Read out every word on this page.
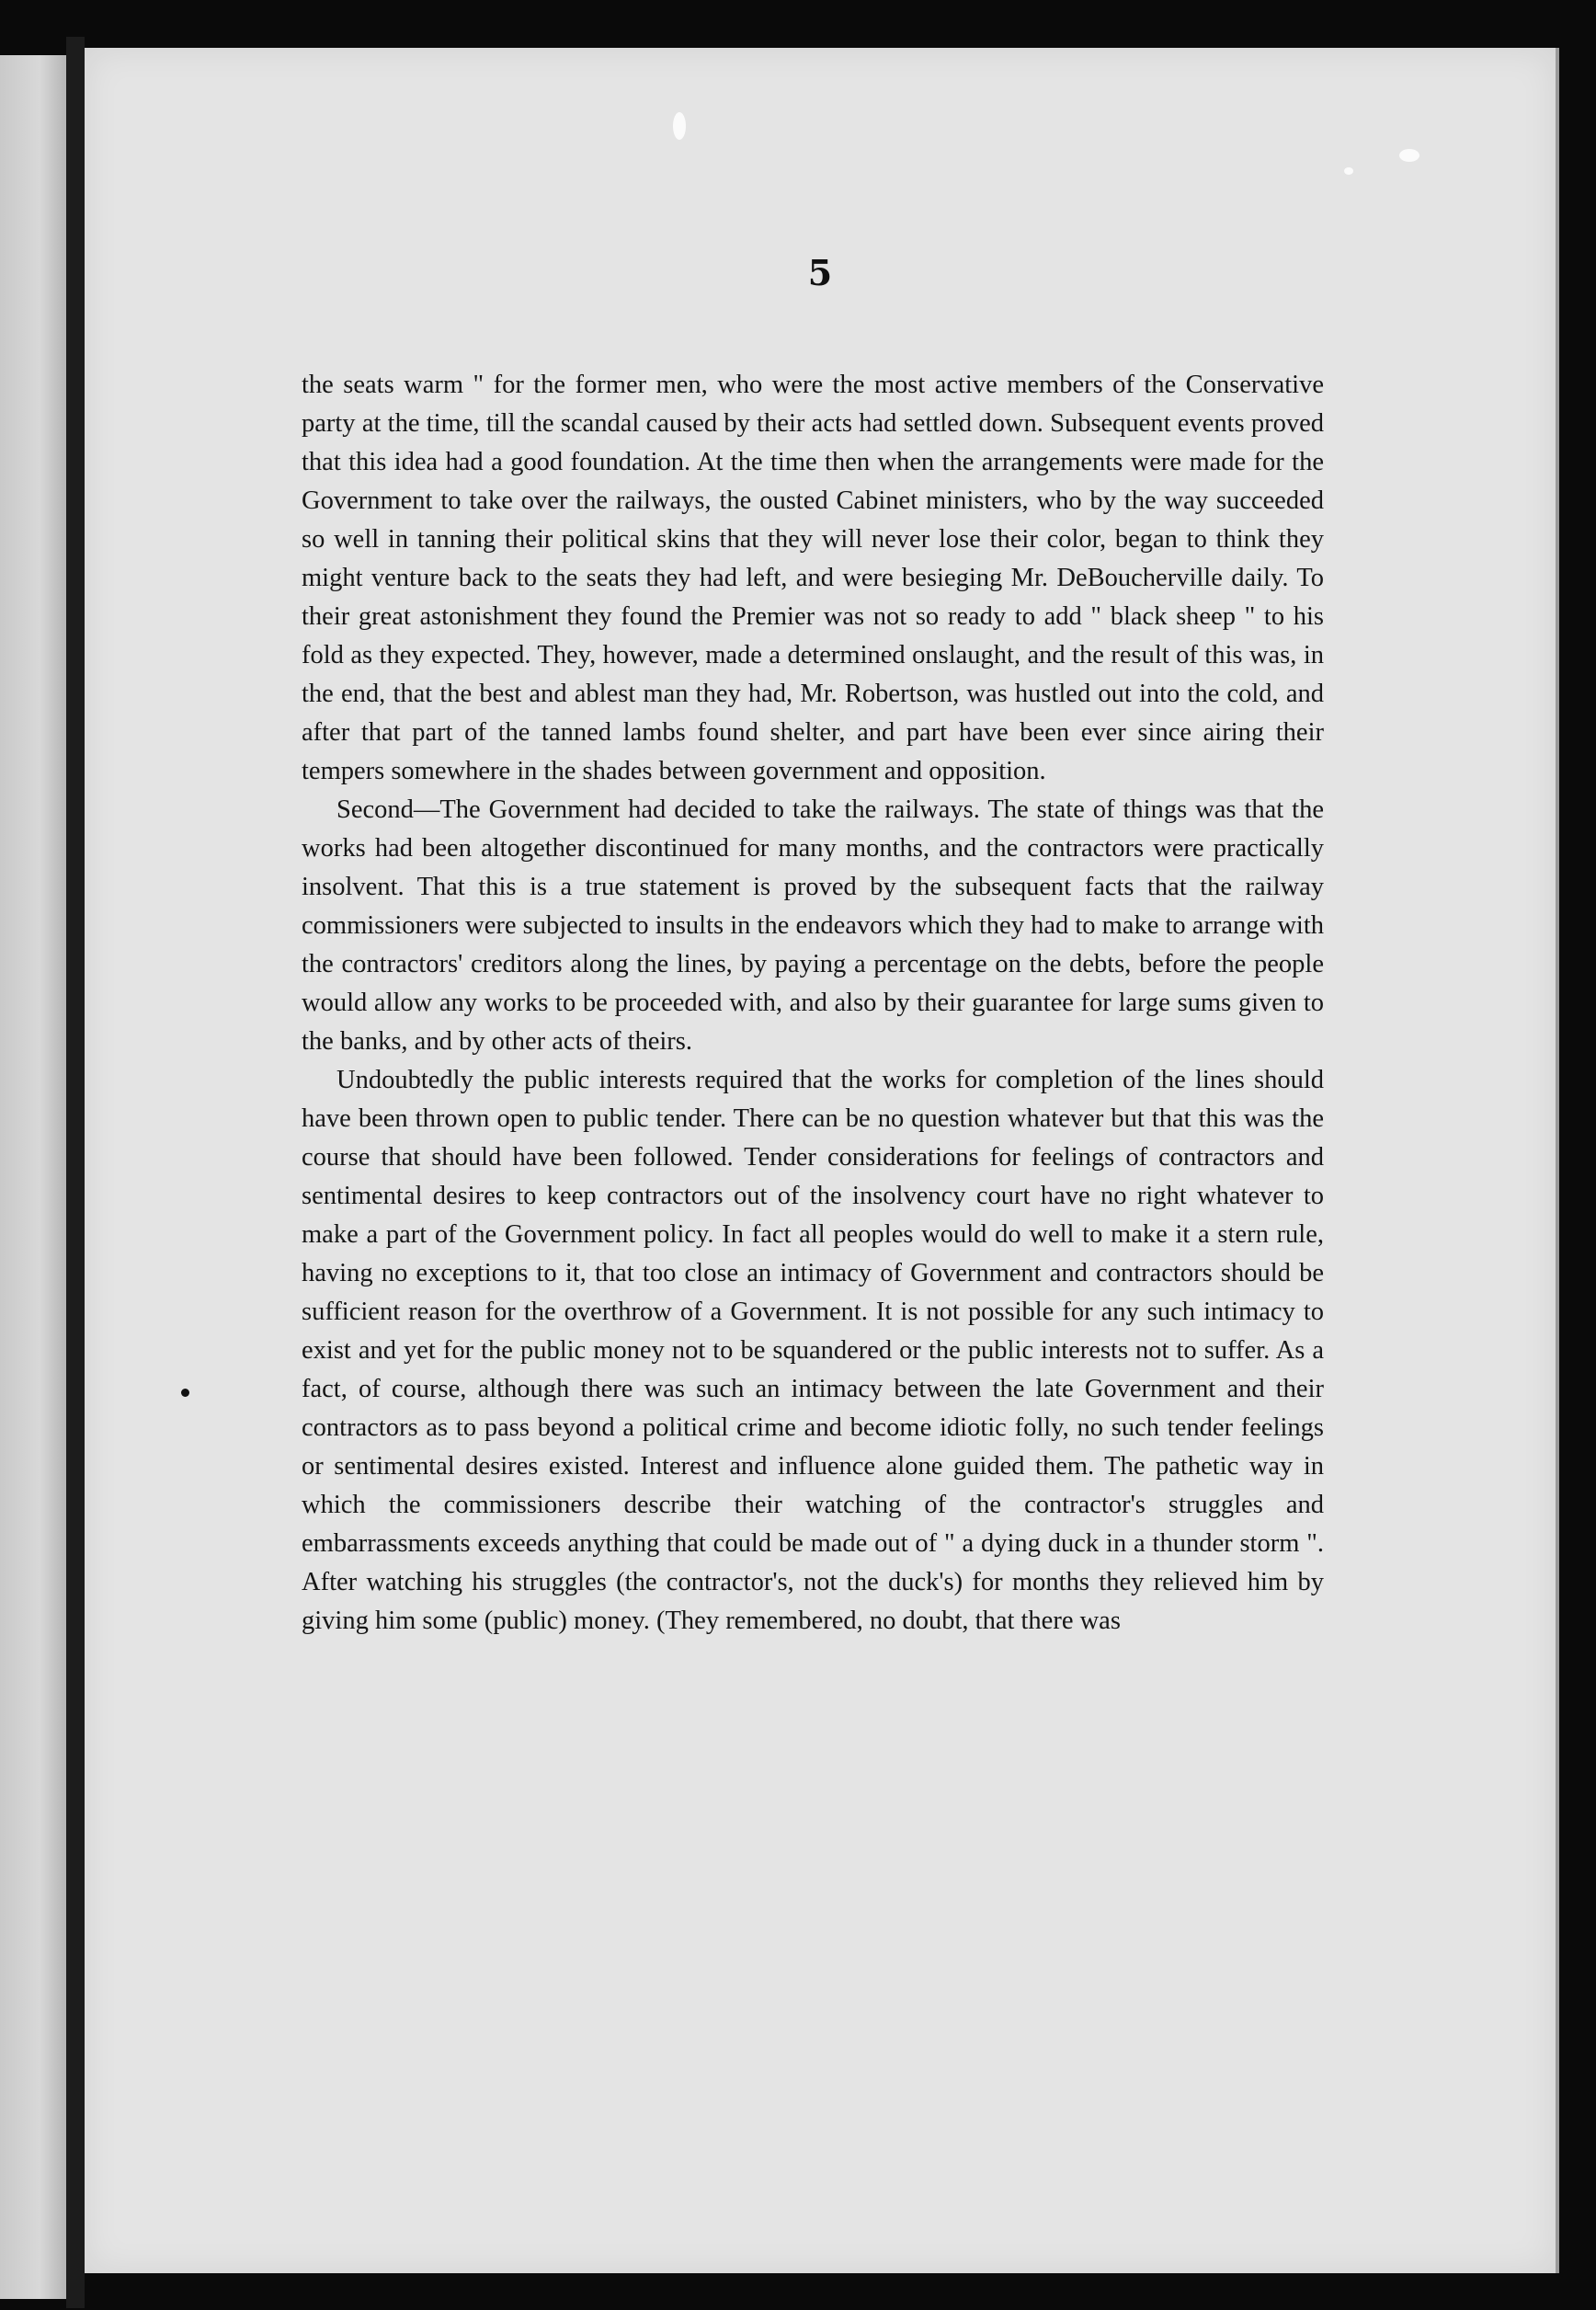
5

the seats warm " for the former men, who were the most active members of the Conservative party at the time, till the scandal caused by their acts had settled down. Subsequent events proved that this idea had a good foundation. At the time then when the arrangements were made for the Government to take over the railways, the ousted Cabinet ministers, who by the way succeeded so well in tanning their political skins that they will never lose their color, began to think they might venture back to the seats they had left, and were besieging Mr. DeBoucherville daily. To their great astonishment they found the Premier was not so ready to add " black sheep " to his fold as they expected. They, however, made a determined onslaught, and the result of this was, in the end, that the best and ablest man they had, Mr. Robertson, was hustled out into the cold, and after that part of the tanned lambs found shelter, and part have been ever since airing their tempers somewhere in the shades between government and opposition.

Second—The Government had decided to take the railways. The state of things was that the works had been altogether discontinued for many months, and the contractors were practically insolvent. That this is a true statement is proved by the subsequent facts that the railway commissioners were subjected to insults in the endeavors which they had to make to arrange with the contractors' creditors along the lines, by paying a percentage on the debts, before the people would allow any works to be proceeded with, and also by their guarantee for large sums given to the banks, and by other acts of theirs.

Undoubtedly the public interests required that the works for completion of the lines should have been thrown open to public tender. There can be no question whatever but that this was the course that should have been followed. Tender considerations for feelings of contractors and sentimental desires to keep contractors out of the insolvency court have no right whatever to make a part of the Government policy. In fact all peoples would do well to make it a stern rule, having no exceptions to it, that too close an intimacy of Government and contractors should be sufficient reason for the overthrow of a Government. It is not possible for any such intimacy to exist and yet for the public money not to be squandered or the public interests not to suffer. As a fact, of course, although there was such an intimacy between the late Government and their contractors as to pass beyond a political crime and become idiotic folly, no such tender feelings or sentimental desires existed. Interest and influence alone guided them. The pathetic way in which the commissioners describe their watching of the contractor's struggles and embarrassments exceeds anything that could be made out of " a dying duck in a thunder storm ". After watching his struggles (the contractor's, not the duck's) for months they relieved him by giving him some (public) money. (They remembered, no doubt, that there was
